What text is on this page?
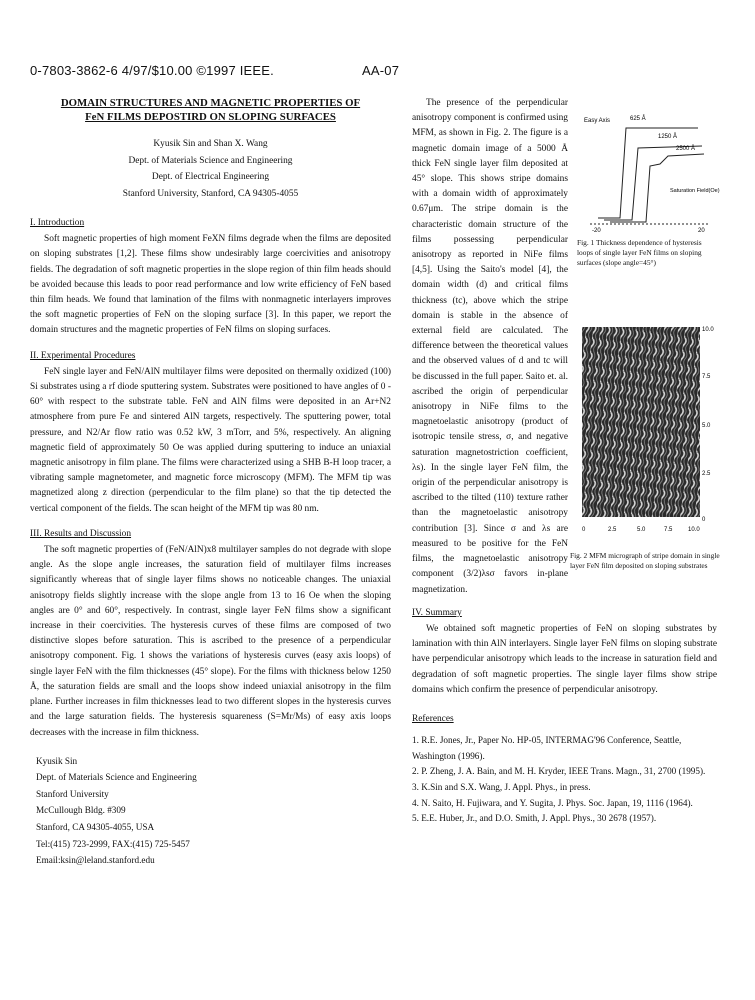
0-7803-3862-6 4/97/$10.00 ©1997 IEEE.	AA-07
DOMAIN STRUCTURES AND MAGNETIC PROPERTIES OF
FeN FILMS DEPOSTIRD ON SLOPING SURFACES
Kyusik Sin and Shan X. Wang
Dept. of Materials Science and Engineering
Dept. of Electrical Engineering
Stanford University, Stanford, CA 94305-4055
I. Introduction

Soft magnetic properties of high moment FeXN films degrade when the films are deposited on sloping substrates [1,2]. These films show undesirably large coercivities and anisotropy fields. The degradation of soft magnetic properties in the slope region of thin film heads should be avoided because this leads to poor read performance and low write efficiency of FeN based thin film heads. We found that lamination of the films with nonmagnetic interlayers improves the soft magnetic properties of FeN on the sloping surface [3]. In this paper, we report the domain structures and the magnetic properties of FeN films on sloping surfaces.

II. Experimental Procedures

FeN single layer and FeN/AlN multilayer films were deposited on thermally oxidized (100) Si substrates using a rf diode sputtering system. Substrates were positioned to have angles of 0 - 60° with respect to the substrate table. FeN and AlN films were deposited in an Ar+N2 atmosphere from pure Fe and sintered AlN targets, respectively. The sputtering power, total pressure, and N2/Ar flow ratio was 0.52 kW, 3 mTorr, and 5%, respectively. An aligning magnetic field of approximately 50 Oe was applied during sputtering to induce an uniaxial magnetic anisotropy in film plane. The films were characterized using a SHB B-H loop tracer, a vibrating sample magnetometer, and magnetic force microscopy (MFM). The MFM tip was magnetized along z direction (perpendicular to the film plane) so that the tip detected the vertical component of the fields. The scan height of the MFM tip was 80 nm.

III. Results and Discussion

The soft magnetic properties of (FeN/AlN)x8 multilayer samples do not degrade with slope angle. As the slope angle increases, the saturation field of multilayer films increases significantly whereas that of single layer films shows no noticeable changes. The uniaxial anisotropy fields slightly increase with the slope angle from 13 to 16 Oe when the sloping angles are 0° and 60°, respectively. In contrast, single layer FeN films show a significant increase in their coercivities. The hysteresis curves of these films are composed of two distinctive slopes before saturation. This is ascribed to the presence of a perpendicular anisotropy component. Fig. 1 shows the variations of hysteresis curves (easy axis loops) of single layer FeN with the film thicknesses (45° slope). For the films with thickness below 1250 Å, the saturation fields are small and the loops show indeed uniaxial anisotropy in the film plane. Further increases in film thicknesses lead to two different slopes in the hysteresis curves and the large saturation fields. The hysteresis squareness (S=Mr/Ms) of easy axis loops decreases with the increase in film thickness.

Kyusik Sin
Dept. of Materials Science and Engineering
Stanford University
McCullough Bldg. #309
Stanford, CA 94305-4055, USA
Tel:(415) 723-2999, FAX:(415) 725-5457
Email:ksin@leland.stanford.edu

The presence of the perpendicular anisotropy component is confirmed using MFM, as shown in Fig. 2. The figure is a magnetic domain image of a 5000 Å thick FeN single layer film deposited at 45° slope. This shows stripe domains with a domain width of approximately 0.67μm. The stripe domain is the characteristic domain structure of the films possessing perpendicular anisotropy as reported in NiFe films [4,5]. Using the Saito's model [4], the domain width (d) and critical films thickness (tc), above which the stripe domain is stable in the absence of external field are calculated. The difference between the theoretical values and the observed values of d and tc will be discussed in the full paper. Saito et. al. ascribed the origin of perpendicular anisotropy in NiFe films to the magnetoelastic anisotropy (product of isotropic tensile stress, σ, and negative saturation magnetostriction coefficient, λs). In the single layer FeN film, the origin of the perpendicular anisotropy is ascribed to the tilted (110) texture rather than the magnetoelastic anisotropy contribution [3]. Since σ and λs are measured to be positive for the FeN films, the magnetoelastic anisotropy component (3/2)λsσ favors in-plane magnetization.

IV. Summary

We obtained soft magnetic properties of FeN on sloping substrates by lamination with thin AlN interlayers. Single layer FeN films on sloping substrate have perpendicular anisotropy which leads to the increase in saturation field and degradation of soft magnetic properties. The single layer films show stripe domains which confirm the presence of perpendicular anisotropy.

References
1. R.E. Jones, Jr., Paper No. HP-05, INTERMAG'96 Conference, Seattle, Washington (1996).
2. P. Zheng, J. A. Bain, and M. H. Kryder, IEEE Trans. Magn., 31, 2700 (1995).
3. K.Sin and S.X. Wang, J. Appl. Phys., in press.
4. N. Saito, H. Fujiwara, and Y. Sugita, J. Phys. Soc. Japan, 19, 1116 (1964).
5. E.E. Huber, Jr., and D.O. Smith, J. Appl. Phys., 30 2678 (1957).
Easy Axis	625 Å
1250 Å
2500 Å
Saturation Field(Oe)
-20	20
Fig. 1 Thickness dependence of hysteresis loops of single layer FeN films on sloping surfaces (slope angle=45°)
10.0
7.5
5.0
2.5
0
0	2.5	5.0	7.5	10.0
Fig. 2 MFM micrograph of stripe domain in single layer FeN film deposited on sloping substrates
